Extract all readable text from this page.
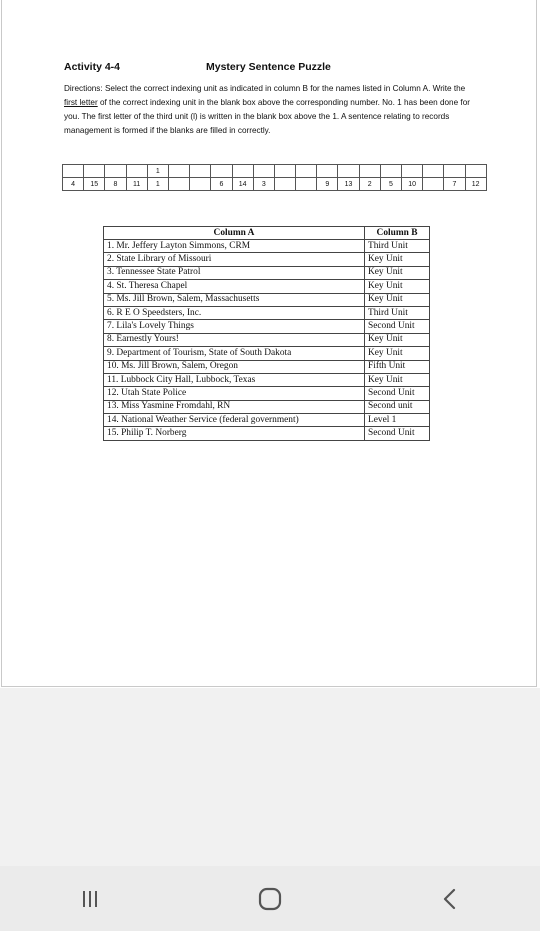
Activity 4-4	Mystery Sentence Puzzle
Directions: Select the correct indexing unit as indicated in column B for the names listed in Column A. Write the first letter of the correct indexing unit in the blank box above the corresponding number. No. 1 has been done for you. The first letter of the third unit (l) is written in the blank box above the 1. A sentence relating to records management is formed if the blanks are filled in correctly.
				1															
4	15	8	11	1			6	14	3			9	13	2	5	10		7	12
Column A	Column B
1. Mr. Jeffery Layton Simmons, CRM	Third Unit
2. State Library of Missouri	Key Unit
3. Tennessee State Patrol	Key Unit
4. St. Theresa Chapel	Key Unit
5. Ms. Jill Brown, Salem, Massachusetts	Key Unit
6. R E O Speedsters, Inc.	Third Unit
7. Lila's Lovely Things	Second Unit
8. Earnestly Yours!	Key Unit
9. Department of Tourism, State of South Dakota	Key Unit
10. Ms. Jill Brown, Salem, Oregon	Fifth Unit
11. Lubbock City Hall, Lubbock, Texas	Key Unit
12. Utah State Police	Second Unit
13. Miss Yasmine Fromdahl, RN	Second unit
14. National Weather Service (federal government)	Level 1
15. Philip T. Norberg	Second Unit
